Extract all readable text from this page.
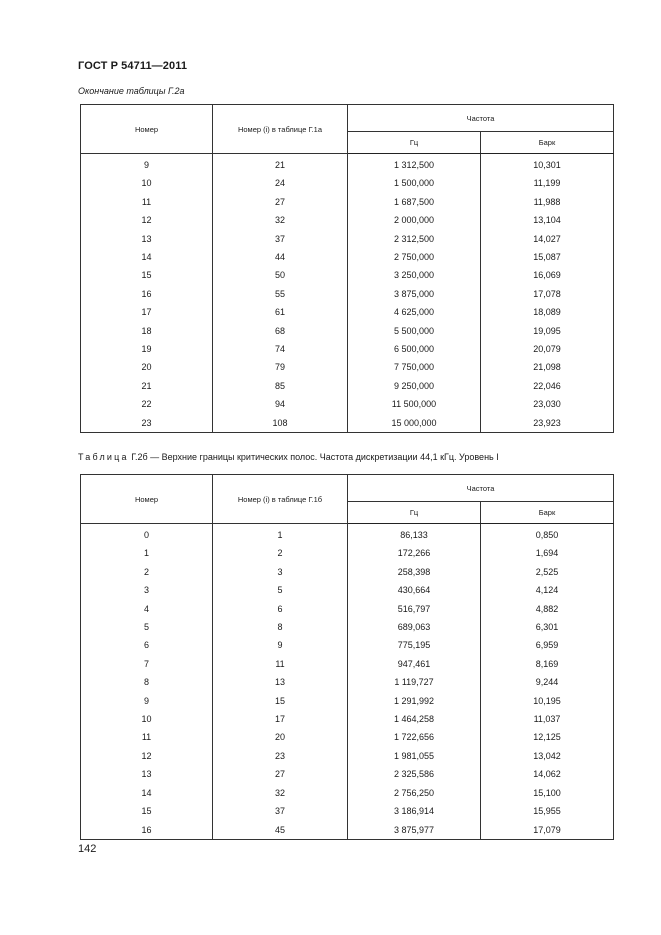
ГОСТ Р 54711—2011
Окончание таблицы Г.2а
Номер	Номер (i) в таблице Г.1а	Частота	
		Гц	Барк
9	21	1 312,500	10,301
10	24	1 500,000	11,199
11	27	1 687,500	11,988
12	32	2 000,000	13,104
13	37	2 312,500	14,027
14	44	2 750,000	15,087
15	50	3 250,000	16,069
16	55	3 875,000	17,078
17	61	4 625,000	18,089
18	68	5 500,000	19,095
19	74	6 500,000	20,079
20	79	7 750,000	21,098
21	85	9 250,000	22,046
22	94	11 500,000	23,030
23	108	15 000,000	23,923
Таблица Г.2б — Верхние границы критических полос. Частота дискретизации 44,1 кГц. Уровень I
Номер	Номер (i) в таблице Г.1б	Частота	
		Гц	Барк
0	1	86,133	0,850
1	2	172,266	1,694
2	3	258,398	2,525
3	5	430,664	4,124
4	6	516,797	4,882
5	8	689,063	6,301
6	9	775,195	6,959
7	11	947,461	8,169
8	13	1 119,727	9,244
9	15	1 291,992	10,195
10	17	1 464,258	11,037
11	20	1 722,656	12,125
12	23	1 981,055	13,042
13	27	2 325,586	14,062
14	32	2 756,250	15,100
15	37	3 186,914	15,955
16	45	3 875,977	17,079
142
